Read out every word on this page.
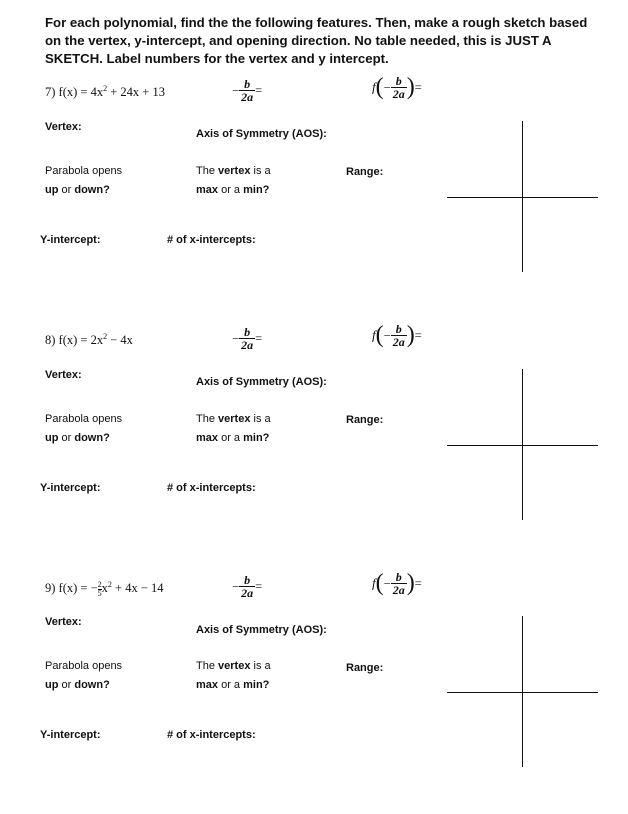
For each polynomial, find the the following features. Then, make a rough sketch based on the vertex, y-intercept, and opening direction. No table needed, this is JUST A SKETCH. Label numbers for the vertex and y intercept.
7) $f(x) = 4x^2 + 24x + 13$	− $\frac{b}{2a}$ =	$f(- \frac{b}{2a}$ )=
Vertex:
Axis of Symmetry (AOS):
Parabola opens
up or down?
The vertex is a
max or a min?
Range:
Y-intercept:	# of x-intercepts:
8) $f(x) = 2x^2 - 4x$	− $\frac{b}{2a}$ =	$f(- \frac{b}{2a}$ )=
Vertex:
Axis of Symmetry (AOS):
Parabola opens
up or down?
The vertex is a
max or a min?
Range:
Y-intercept:	# of x-intercepts:
9) f(x) = − $\frac{2}{5} x^2 + 4x - 14$	− $\frac{b}{2a}$ =	$f(- \frac{b}{2a}$ )=
Vertex:
Axis of Symmetry (AOS):
Parabola opens
up or down?
The vertex is a
max or a min?
Range:
Y-intercept:	# of x-intercepts:
